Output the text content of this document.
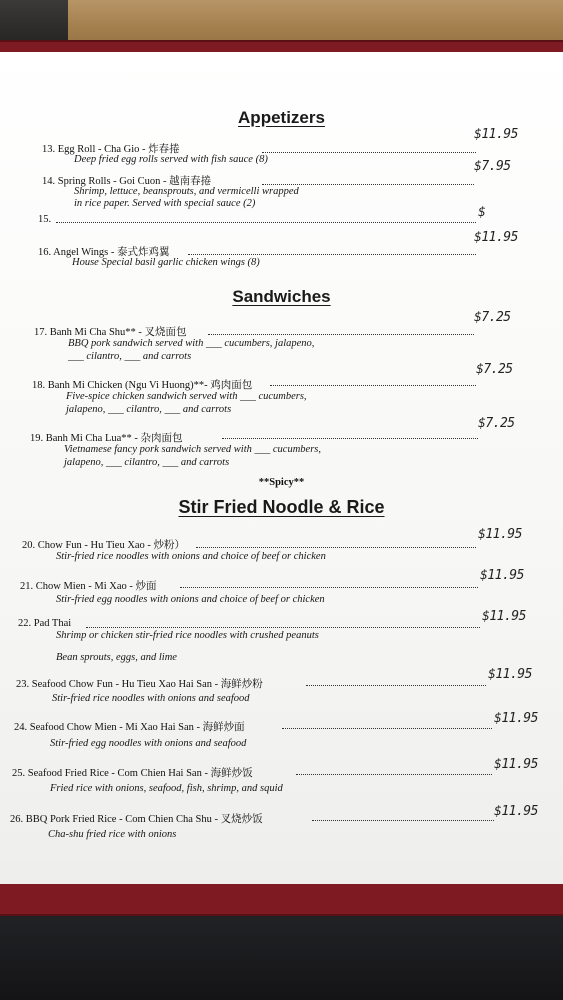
Appetizers
13. Egg Roll - Cha Gio - 炸春捲
$11.95
Deep fried egg rolls served with fish sauce (8)
14. Spring Rolls - Goi Cuon - 越南春捲
$7.95
Shrimp, lettuce, beansprouts, and vermicelli wrapped
in rice paper. Served with special sauce (2)
15.	$
16. Angel Wings - 泰式炸鸡翼
$11.95
House Special basil garlic chicken wings (8)
Sandwiches
17. Banh Mi Cha Shu** - 叉烧面包
$7.25
BBQ pork sandwich served with ___ cucumbers, jalapeno,
___ cilantro, ___ and carrots
18. Banh Mi Chicken (Ngu Vi Huong)**- 鸡肉面包
$7.25
Five-spice chicken sandwich served with ___ cucumbers,
jalapeno, ___ cilantro, ___ and carrots
19. Banh Mi Cha Lua** - 杂肉面包
$7.25
Vietnamese fancy pork sandwich served with ___ cucumbers,
jalapeno, ___ cilantro, ___ and carrots
**Spicy**
Stir Fried Noodle & Rice
20. Chow Fun - Hu Tieu Xao - 炒粉）
$11.95
Stir-fried rice noodles with onions and choice of beef or chicken
21. Chow Mien - Mi Xao - 炒面
$11.95
Stir-fried egg noodles with onions and choice of beef or chicken
22. Pad Thai	$11.95
Shrimp or chicken stir-fried rice noodles with crushed peanuts
Bean sprouts, eggs, and lime
23. Seafood Chow Fun - Hu Tieu Xao Hai San - 海鲜炒粉
$11.95
Stir-fried rice noodles with onions and seafood
24. Seafood Chow Mien - Mi Xao Hai San - 海鲜炒面
$11.95
Stir-fried egg noodles with onions and seafood
25. Seafood Fried Rice - Com Chien Hai San - 海鲜炒饭
$11.95
Fried rice with onions, seafood, fish, shrimp, and squid
26. BBQ Pork Fried Rice - Com Chien Cha Shu - 叉烧炒饭
$11.95
Cha-shu fried rice with onions
